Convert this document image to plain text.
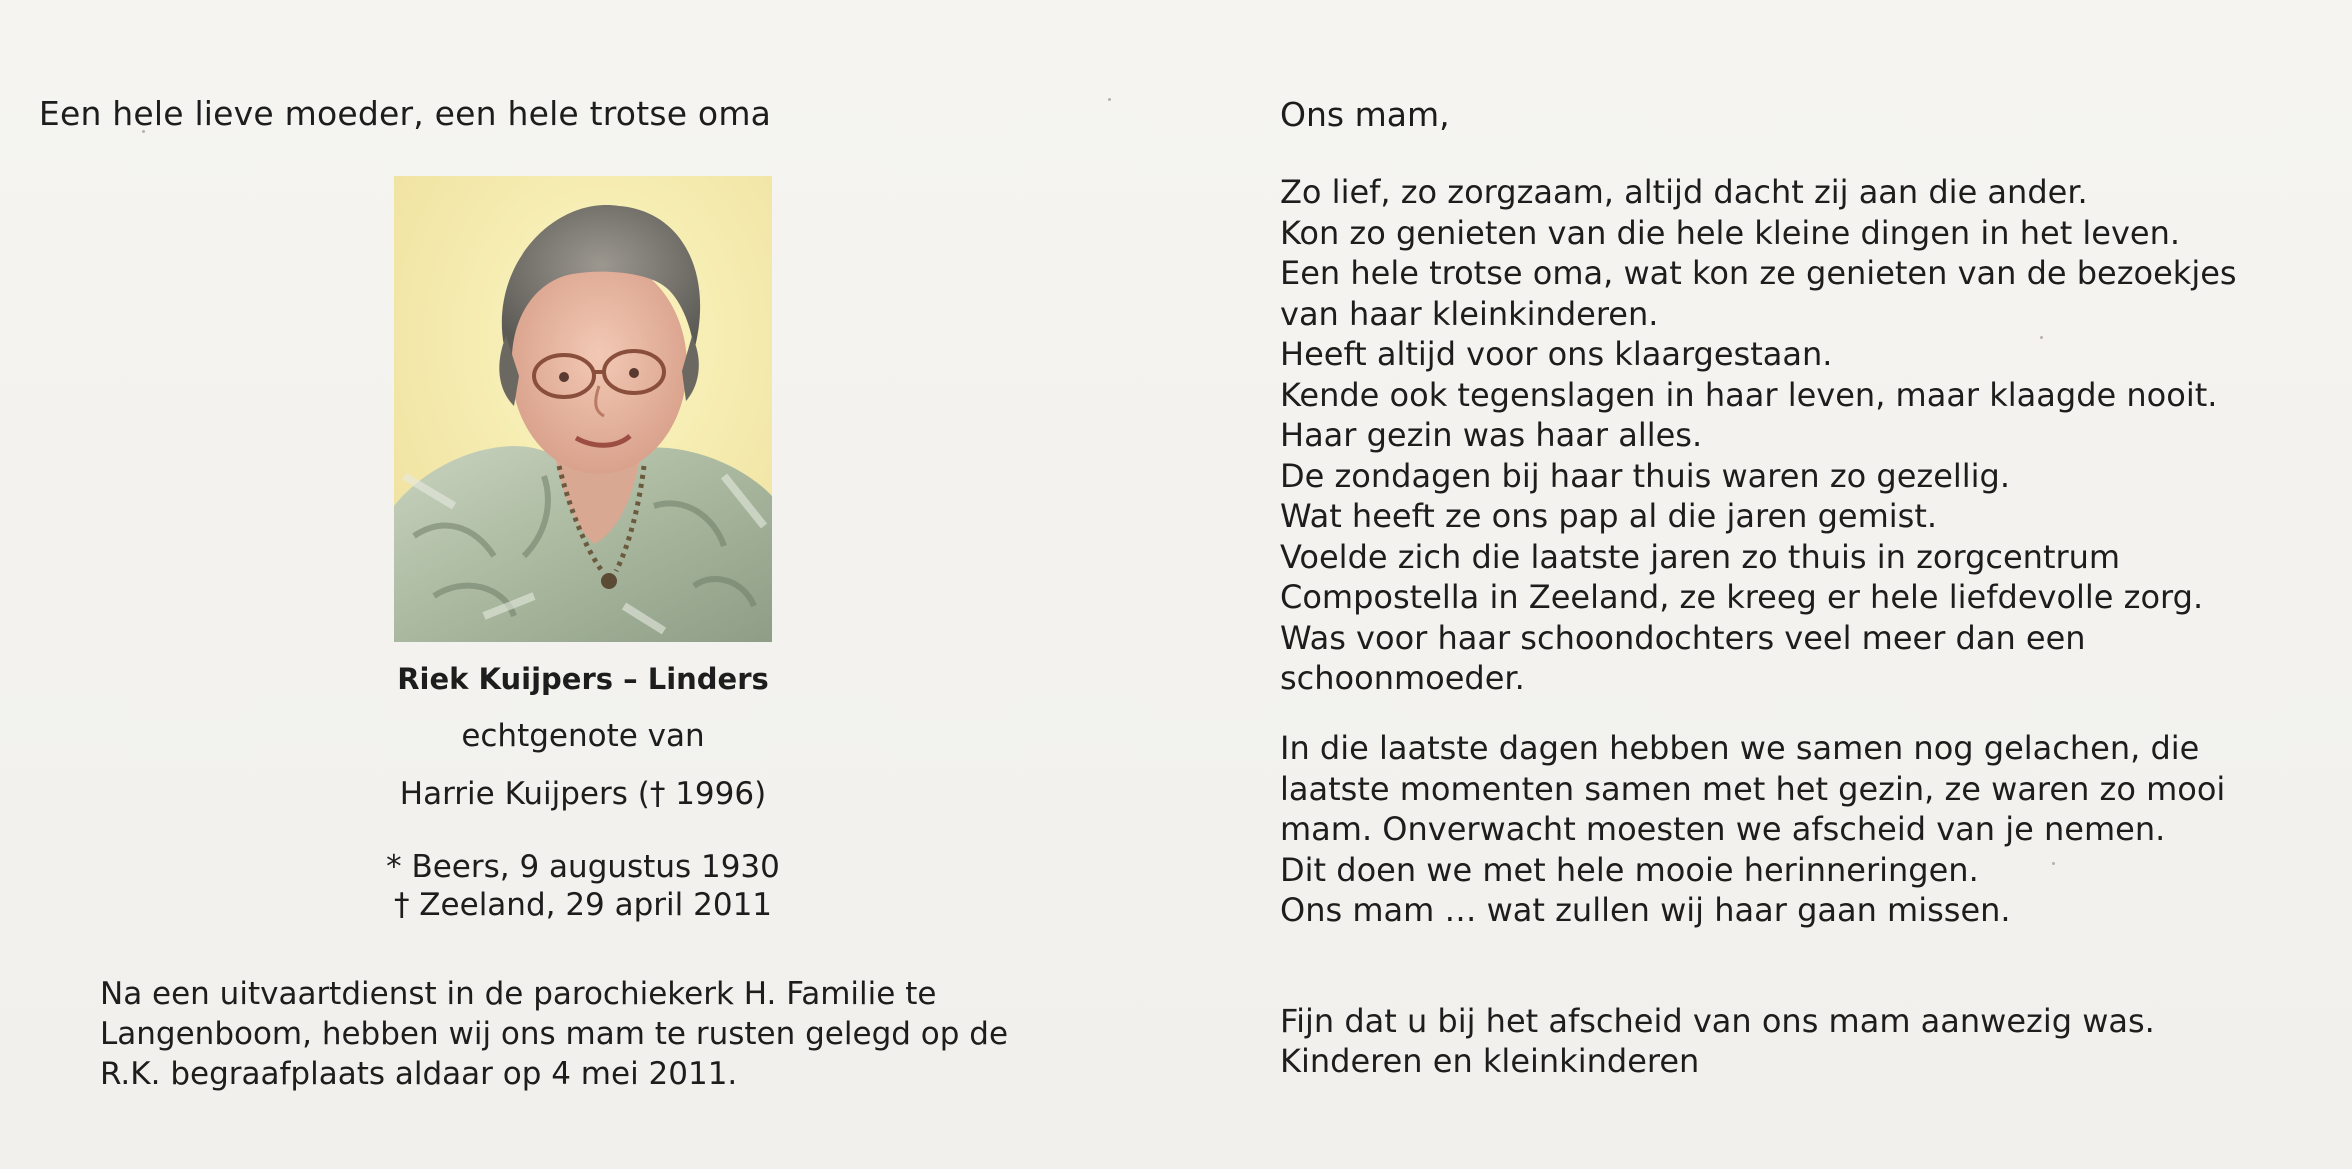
Een hele lieve moeder, een hele trotse oma
Riek Kuijpers – Linders
echtgenote van
Harrie Kuijpers († 1996)
* Beers, 9 augustus 1930
† Zeeland, 29 april 2011
Na een uitvaartdienst in de parochiekerk H. Familie te
Langenboom, hebben wij ons mam te rusten gelegd op de
R.K. begraafplaats aldaar op 4 mei 2011.
Ons mam,
Zo lief, zo zorgzaam, altijd dacht zij aan die ander.
Kon zo genieten van die hele kleine dingen in het leven.
Een hele trotse oma, wat kon ze genieten van de bezoekjes
van haar kleinkinderen.
Heeft altijd voor ons klaargestaan.
Kende ook tegenslagen in haar leven, maar klaagde nooit.
Haar gezin was haar alles.
De zondagen bij haar thuis waren zo gezellig.
Wat heeft ze ons pap al die jaren gemist.
Voelde zich die laatste jaren zo thuis in zorgcentrum
Compostella in Zeeland, ze kreeg er hele liefdevolle zorg.
Was voor haar schoondochters veel meer dan een
schoonmoeder.
In die laatste dagen hebben we samen nog gelachen, die
laatste momenten samen met het gezin, ze waren zo mooi
mam. Onverwacht moesten we afscheid van je nemen.
Dit doen we met hele mooie herinneringen.
Ons mam … wat zullen wij haar gaan missen.
Fijn dat u bij het afscheid van ons mam aanwezig was.
Kinderen en kleinkinderen
